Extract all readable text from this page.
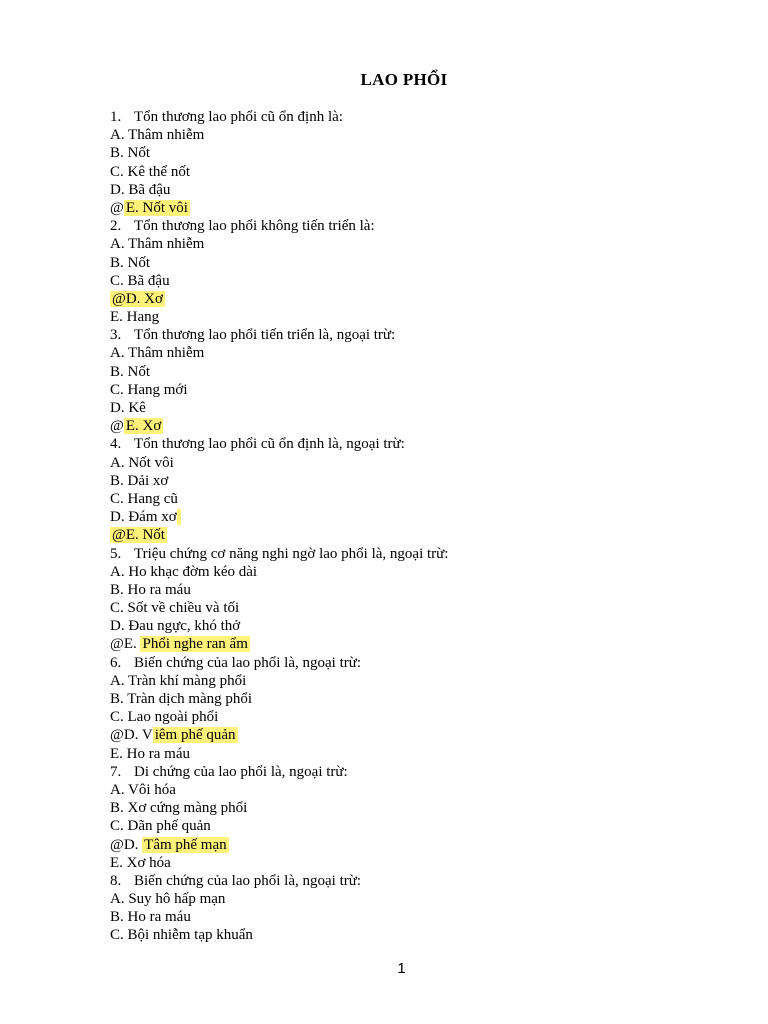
LAO PHỔI
1. Tổn thương lao phổi cũ ổn định là:
A. Thâm nhiễm
B. Nốt
C. Kê thể nốt
D. Bã đậu
@ E. Nốt vôi
2. Tổn thương lao phổi không tiến triển là:
A. Thâm nhiễm
B. Nốt
C. Bã đậu
@D. Xơ
E. Hang
3. Tổn thương lao phổi tiến triển là, ngoại trừ:
A. Thâm nhiễm
B. Nốt
C. Hang mới
D. Kê
@ E. Xơ
4. Tổn thương lao phổi cũ ổn định là, ngoại trừ:
A. Nốt vôi
B. Dải xơ
C. Hang cũ
D. Đám xơ
@E. Nốt
5. Triệu chứng cơ năng nghi ngờ lao phổi là, ngoại trừ:
A. Ho khạc đờm kéo dài
B. Ho ra máu
C. Sốt về chiều và tối
D. Đau ngực, khó thở
@E. Phổi nghe ran ẩm
6. Biến chứng của lao phổi là, ngoại trừ:
A. Tràn khí màng phổi
B. Tràn dịch màng phổi
C. Lao ngoài phổi
@D. V iêm phế quản
E. Ho ra máu
7. Di chứng của lao phổi là, ngoại trừ:
A. Vôi hóa
B. Xơ cứng màng phổi
C. Dãn phế quản
@D. Tâm phế mạn
E. Xơ hóa
8. Biến chứng của lao phổi là, ngoại trừ:
A. Suy hô hấp mạn
B. Ho ra máu
C. Bội nhiễm tạp khuẩn
1
